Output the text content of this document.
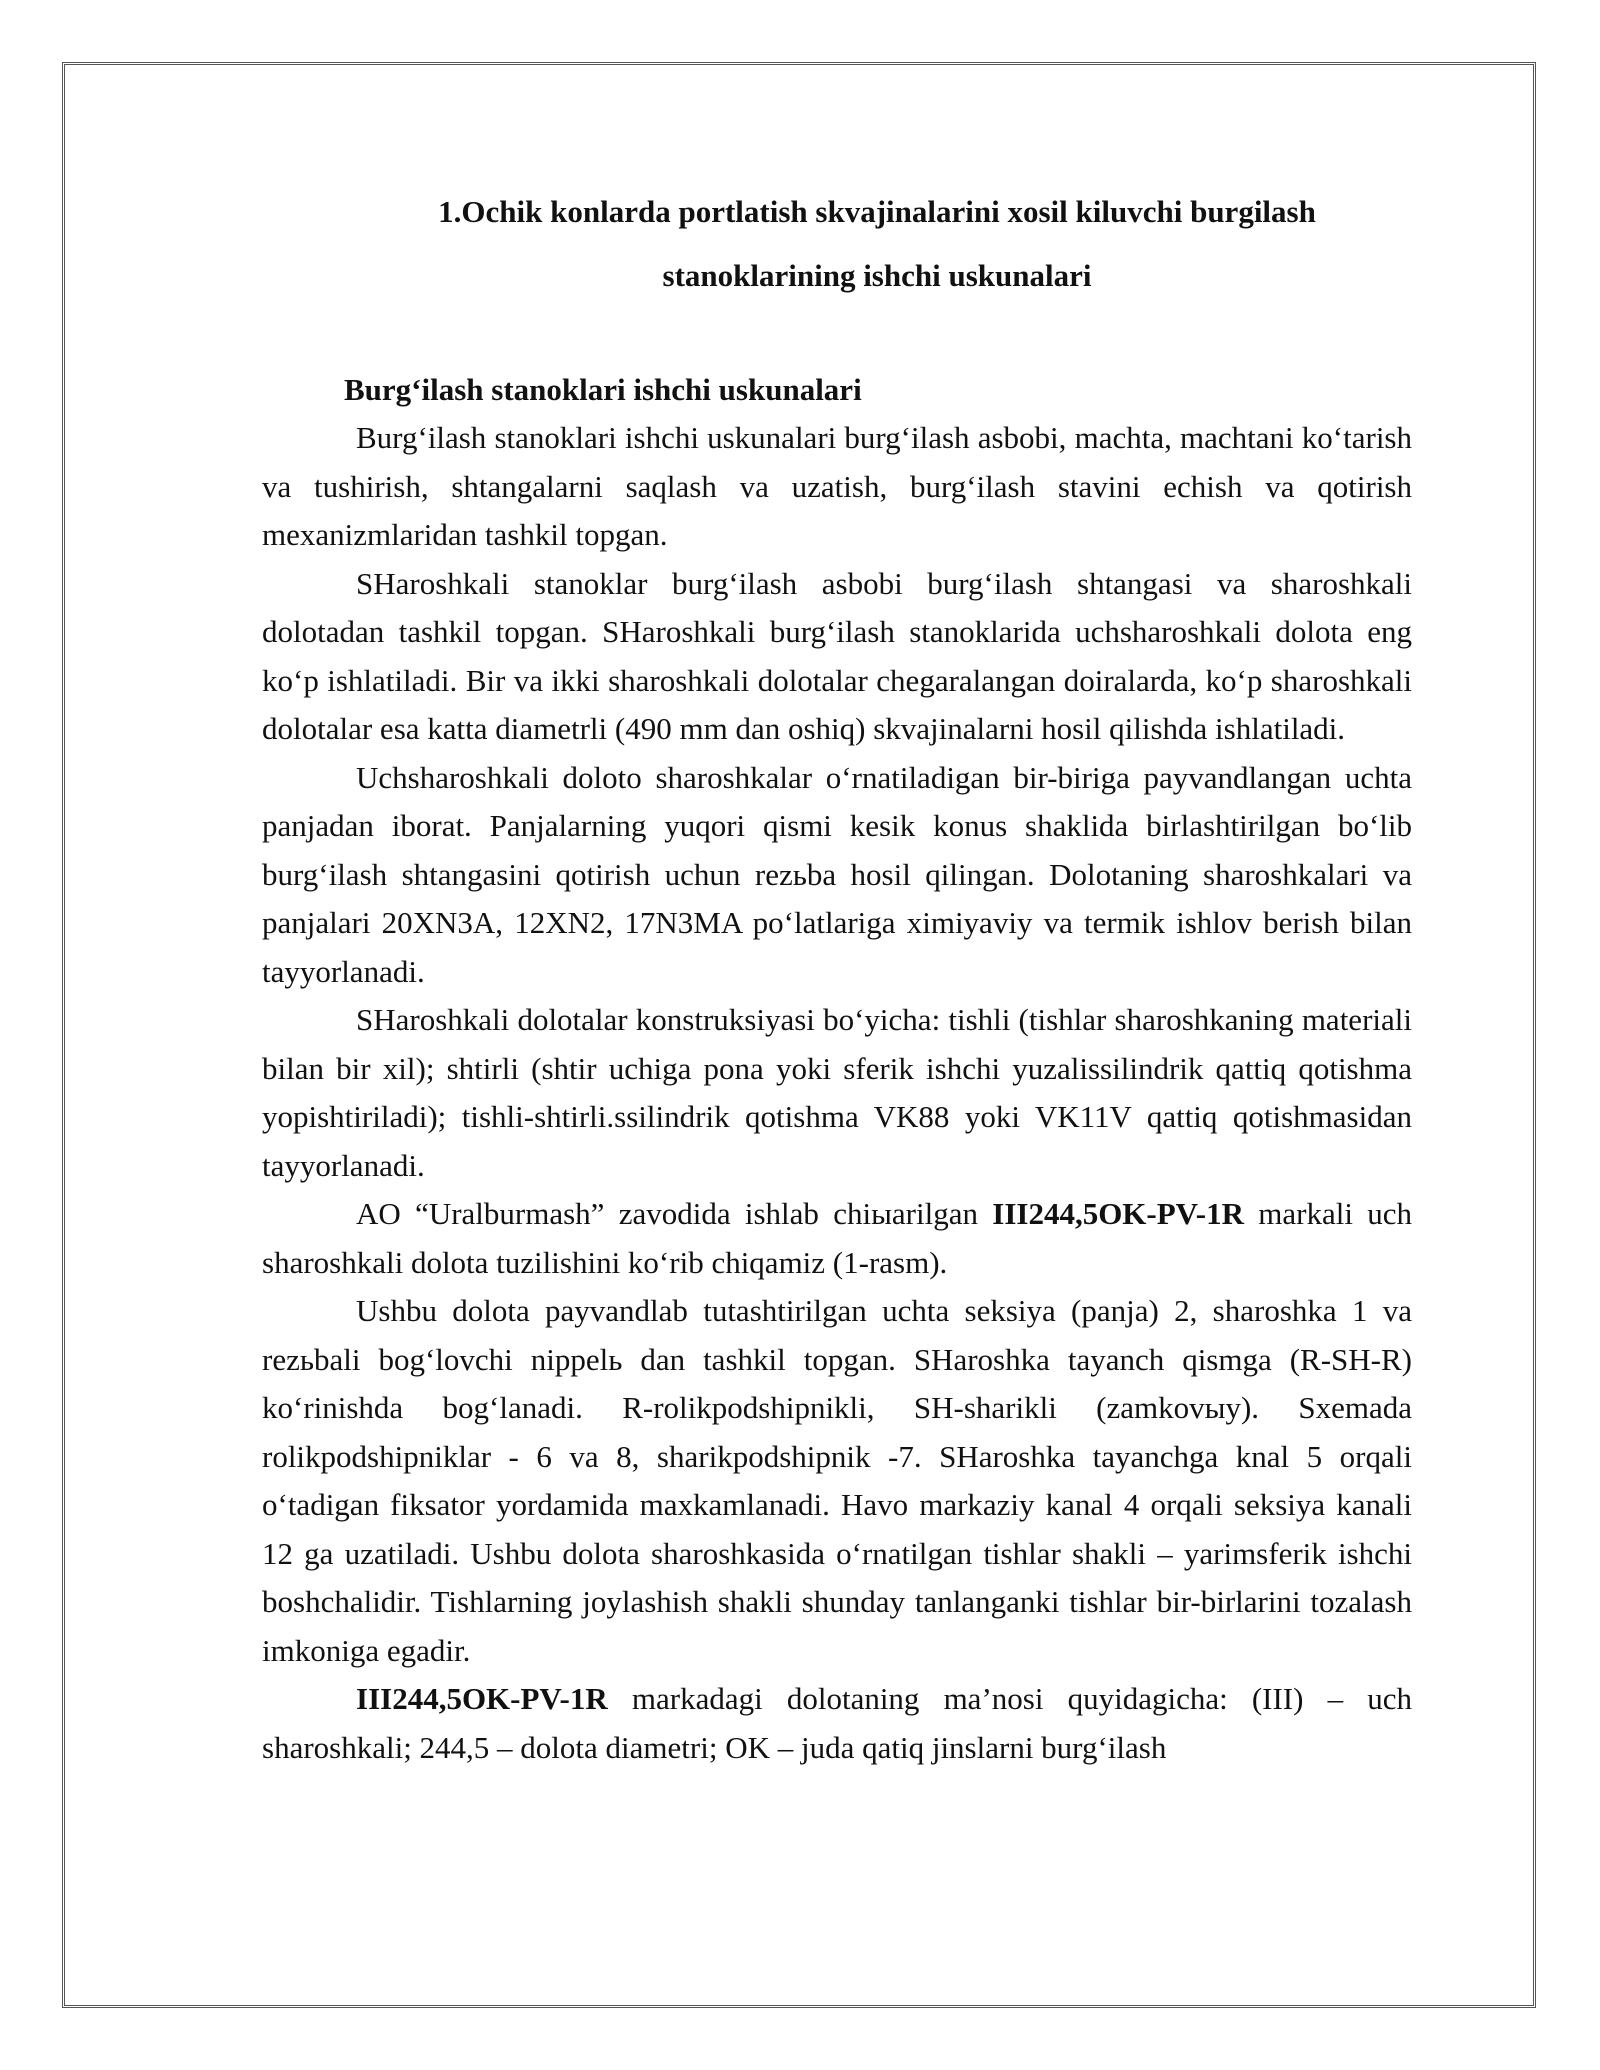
1.Ochik konlarda portlatish skvajinalarini xosil kiluvchi burgilash stanoklarining ishchi uskunalari
Burg‘ilash stanoklari ishchi uskunalari

Burg‘ilash stanoklari ishchi uskunalari burg‘ilash asbobi, machta, machtani ko‘tarish va tushirish, shtangalarni saqlash va uzatish, burg‘ilash stavini echish va qotirish mexanizmlaridan tashkil topgan.

SHaroshkali stanoklar burg‘ilash asbobi burg‘ilash shtangasi va sharoshkali dolotadan tashkil topgan. SHaroshkali burg‘ilash stanoklarida uchsharoshkali dolota eng ko‘p ishlatiladi. Bir va ikki sharoshkali dolotalar chegaralangan doiralarda, ko‘p sharoshkali dolotalar esa katta diametrli (490 mm dan oshiq) skvajinalarni hosil qilishda ishlatiladi.

Uchsharoshkali doloto sharoshkalar o‘rnatiladigan bir-biriga payvandlangan uchta panjadan iborat. Panjalarning yuqori qismi kesik konus shaklida birlashtirilgan bo‘lib burg‘ilash shtangasini qotirish uchun rezьba hosil qilingan. Dolotaning sharoshkalari va panjalari 20XN3A, 12XN2, 17N3MA po‘latlariga ximiyaviy va termik ishlov berish bilan tayyorlanadi.

SHaroshkali dolotalar konstruksiyasi bo‘yicha: tishli (tishlar sharoshkaning materiali bilan bir xil); shtirli (shtir uchiga pona yoki sferik ishchi yuzalissilindrik qattiq qotishma yopishtiriladi); tishli-shtirli.ssilindrik qotishma VK88 yoki VK11V qattiq qotishmasidan tayyorlanadi.

AO “Uralburmash” zavodida ishlab chiыarilgan III244,5OK-PV-1R markali uch sharoshkali dolota tuzilishini ko‘rib chiqamiz (1-rasm).

Ushbu dolota payvandlab tutashtirilgan uchta seksiya (panja) 2, sharoshka 1 va rezьbali bog‘lovchi nippelь dan tashkil topgan. SHaroshka tayanch qismga (R-SH-R) ko‘rinishda bog‘lanadi. R-rolikpodshipnikli, SH-sharikli (zamkovыy). Sxemada rolikpodshipniklar - 6 va 8, sharikpodshipnik -7. SHaroshka tayanchga knal 5 orqali o‘tadigan fiksator yordamida maxkamlanadi. Havo markaziy kanal 4 orqali seksiya kanali 12 ga uzatiladi. Ushbu dolota sharoshkasida o‘rnatilgan tishlar shakli – yarimsferik ishchi boshchalidir. Tishlarning joylashish shakli shunday tanlanganki tishlar bir-birlarini tozalash imkoniga egadir.

III244,5OK-PV-1R markadagi dolotaning ma’nosi quyidagicha: (III) – uch sharoshkali; 244,5 – dolota diametri; OK – juda qatiq jinslarni burg‘ilash
